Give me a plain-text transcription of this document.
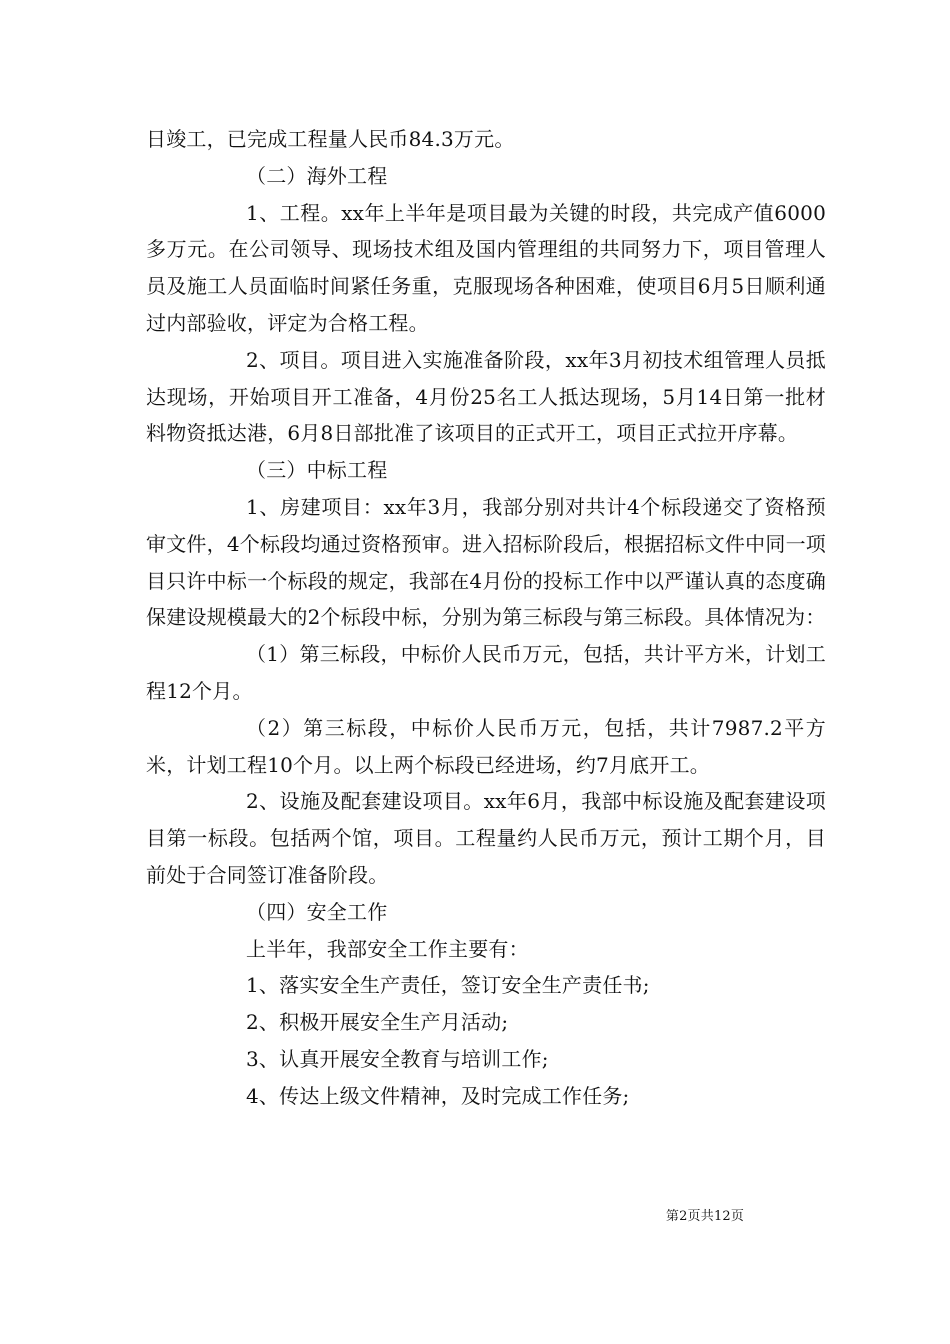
日竣工，已完成工程量人民币84.3万元。

（二）海外工程

1、工程。xx年上半年是项目最为关键的时段，共完成产值6000多万元。在公司领导、现场技术组及国内管理组的共同努力下，项目管理人员及施工人员面临时间紧任务重，克服现场各种困难，使项目6月5日顺利通过内部验收，评定为合格工程。

2、项目。项目进入实施准备阶段，xx年3月初技术组管理人员抵达现场，开始项目开工准备，4月份25名工人抵达现场，5月14日第一批材料物资抵达港，6月8日部批准了该项目的正式开工，项目正式拉开序幕。

（三）中标工程

1、房建项目：xx年3月，我部分别对共计4个标段递交了资格预审文件，4个标段均通过资格预审。进入招标阶段后，根据招标文件中同一项目只许中标一个标段的规定，我部在4月份的投标工作中以严谨认真的态度确保建设规模最大的2个标段中标，分别为第三标段与第三标段。具体情况为：

（1）第三标段，中标价人民币万元，包括，共计平方米，计划工程12个月。

（2）第三标段，中标价人民币万元，包括，共计7987.2平方米，计划工程10个月。以上两个标段已经进场，约7月底开工。

2、设施及配套建设项目。xx年6月，我部中标设施及配套建设项目第一标段。包括两个馆，项目。工程量约人民币万元，预计工期个月，目前处于合同签订准备阶段。

（四）安全工作

上半年，我部安全工作主要有：

1、落实安全生产责任，签订安全生产责任书;

2、积极开展安全生产月活动;

3、认真开展安全教育与培训工作;

4、传达上级文件精神，及时完成工作任务;

第2页共12页
